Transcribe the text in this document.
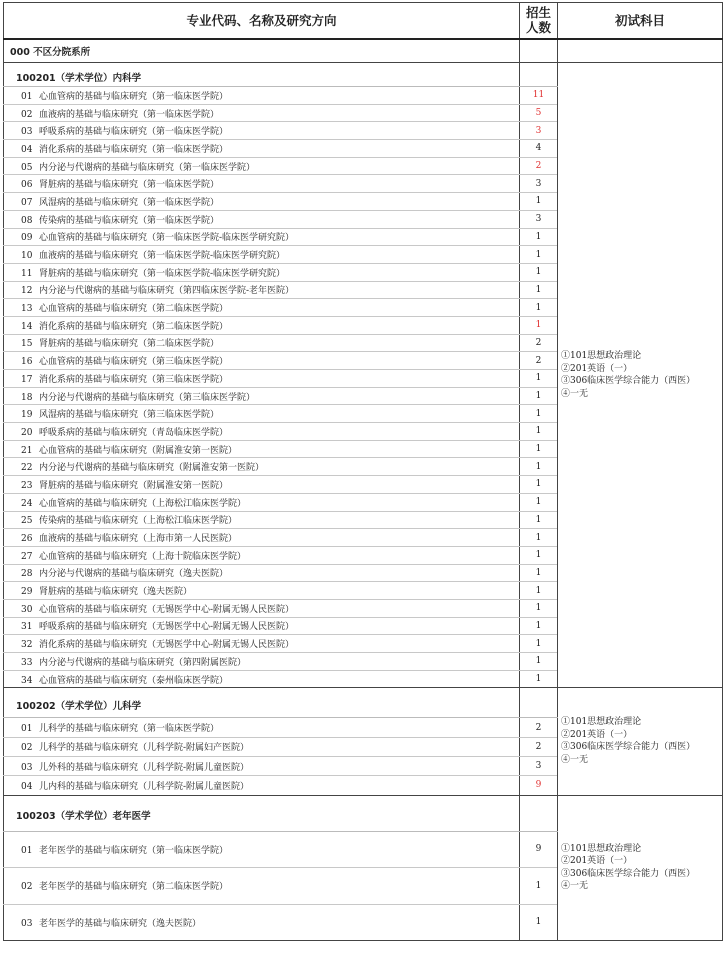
专业代码、名称及研究方向	招生
人数	初试科目
000 不区分院系所		
100201（学术学位）内科学		①101思想政治理论
②201英语（一）
③306临床医学综合能力（西医）
④一无

01 心血管病的基础与临床研究（第一临床医学院）	11	
02 血液病的基础与临床研究（第一临床医学院）	5	
03 呼吸系病的基础与临床研究（第一临床医学院）	3	
04 消化系病的基础与临床研究（第一临床医学院）	4	
05 内分泌与代谢病的基础与临床研究（第一临床医学院）	2	
06 肾脏病的基础与临床研究（第一临床医学院）	3	
07 风湿病的基础与临床研究（第一临床医学院）	1	
08 传染病的基础与临床研究（第一临床医学院）	3	
09 心血管病的基础与临床研究（第一临床医学院-临床医学研究院）	1	
10 血液病的基础与临床研究（第一临床医学院-临床医学研究院）	1	
11 肾脏病的基础与临床研究（第一临床医学院-临床医学研究院）	1	
12 内分泌与代谢病的基础与临床研究（第四临床医学院-老年医院）	1	
13 心血管病的基础与临床研究（第二临床医学院）	1	
14 消化系病的基础与临床研究（第二临床医学院）	1	
15 肾脏病的基础与临床研究（第二临床医学院）	2	
16 心血管病的基础与临床研究（第三临床医学院）	2	
17 消化系病的基础与临床研究（第三临床医学院）	1	
18 内分泌与代谢病的基础与临床研究（第三临床医学院）	1	
19 风湿病的基础与临床研究（第三临床医学院）	1	
20 呼吸系病的基础与临床研究（青岛临床医学院）	1	
21 心血管病的基础与临床研究（附属淮安第一医院）	1	
22 内分泌与代谢病的基础与临床研究（附属淮安第一医院）	1	
23 肾脏病的基础与临床研究（附属淮安第一医院）	1	
24 心血管病的基础与临床研究（上海松江临床医学院）	1	
25 传染病的基础与临床研究（上海松江临床医学院）	1	
26 血液病的基础与临床研究（上海市第一人民医院）	1	
27 心血管病的基础与临床研究（上海十院临床医学院）	1	
28 内分泌与代谢病的基础与临床研究（逸夫医院）	1	
29 肾脏病的基础与临床研究（逸夫医院）	1	
30 心血管病的基础与临床研究（无锡医学中心-附属无锡人民医院）	1	
31 呼吸系病的基础与临床研究（无锡医学中心-附属无锡人民医院）	1	
32 消化系病的基础与临床研究（无锡医学中心-附属无锡人民医院）	1	
33 内分泌与代谢病的基础与临床研究（第四附属医院）	1	
34 心血管病的基础与临床研究（泰州临床医学院）	1	
100202（学术学位）儿科学		①101思想政治理论
②201英语（一）
③306临床医学综合能力（西医）
④一无

01 儿科学的基础与临床研究（第一临床医学院）	2	
02 儿科学的基础与临床研究（儿科学院-附属妇产医院）	2	
03 儿外科的基础与临床研究（儿科学院-附属儿童医院）	3	
04 儿内科的基础与临床研究（儿科学院-附属儿童医院）	9	
100203（学术学位）老年医学		①101思想政治理论
②201英语（一）
③306临床医学综合能力（西医）
④一无

01 老年医学的基础与临床研究（第一临床医学院）	9	
02 老年医学的基础与临床研究（第二临床医学院）	1	
03 老年医学的基础与临床研究（逸夫医院）	1	
